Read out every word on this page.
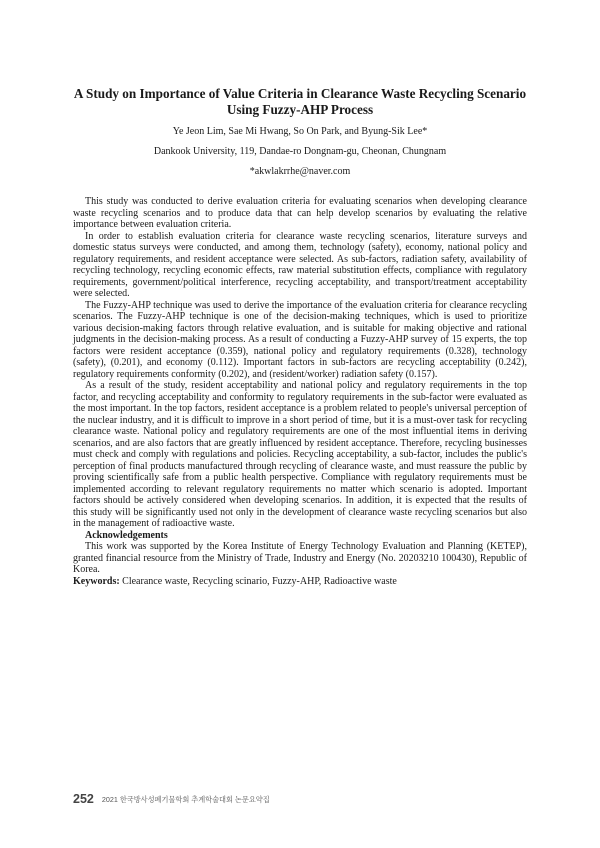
A Study on Importance of Value Criteria in Clearance Waste Recycling Scenario Using Fuzzy-AHP Process
Ye Jeon Lim, Sae Mi Hwang, So On Park, and Byung-Sik Lee*
Dankook University, 119, Dandae-ro Dongnam-gu, Cheonan, Chungnam
*akwlakrrhe@naver.com

This study was conducted to derive evaluation criteria for evaluating scenarios when developing clearance waste recycling scenarios and to produce data that can help develop scenarios by evaluating the relative importance between evaluation criteria.

In order to establish evaluation criteria for clearance waste recycling scenarios, literature surveys and domestic status surveys were conducted, and among them, technology (safety), economy, national policy and regulatory requirements, and resident acceptance were selected. As sub-factors, radiation safety, availability of recycling technology, recycling economic effects, raw material substitution effects, compliance with regulatory requirements, government/political interference, recycling acceptability, and transport/treatment acceptability were selected.

The Fuzzy-AHP technique was used to derive the importance of the evaluation criteria for clearance recycling scenarios. The Fuzzy-AHP technique is one of the decision-making techniques, which is used to prioritize various decision-making factors through relative evaluation, and is suitable for making objective and rational judgments in the decision-making process. As a result of conducting a Fuzzy-AHP survey of 15 experts, the top factors were resident acceptance (0.359), national policy and regulatory requirements (0.328), technology (safety), (0.201), and economy (0.112). Important factors in sub-factors are recycling acceptability (0.242), regulatory requirements conformity (0.202), and (resident/worker) radiation safety (0.157).

As a result of the study, resident acceptability and national policy and regulatory requirements in the top factor, and recycling acceptability and conformity to regulatory requirements in the sub-factor were evaluated as the most important. In the top factors, resident acceptance is a problem related to people's universal perception of the nuclear industry, and it is difficult to improve in a short period of time, but it is a must-over task for recycling clearance waste. National policy and regulatory requirements are one of the most influential items in deriving scenarios, and are also factors that are greatly influenced by resident acceptance. Therefore, recycling businesses must check and comply with regulations and policies. Recycling acceptability, a sub-factor, includes the public's perception of final products manufactured through recycling of clearance waste, and must reassure the public by proving scientifically safe from a public health perspective. Compliance with regulatory requirements must be implemented according to relevant regulatory requirements no matter which scenario is adopted. Important factors should be actively considered when developing scenarios. In addition, it is expected that the results of this study will be significantly used not only in the development of clearance waste recycling scenarios but also in the management of radioactive waste.

Acknowledgements

This work was supported by the Korea Institute of Energy Technology Evaluation and Planning (KETEP), granted financial resource from the Ministry of Trade, Industry and Energy (No. 20203210 100430), Republic of Korea.

Keywords: Clearance waste, Recycling scinario, Fuzzy-AHP, Radioactive waste

252 2021 한국방사성폐기물학회 추계학술대회 논문요약집
